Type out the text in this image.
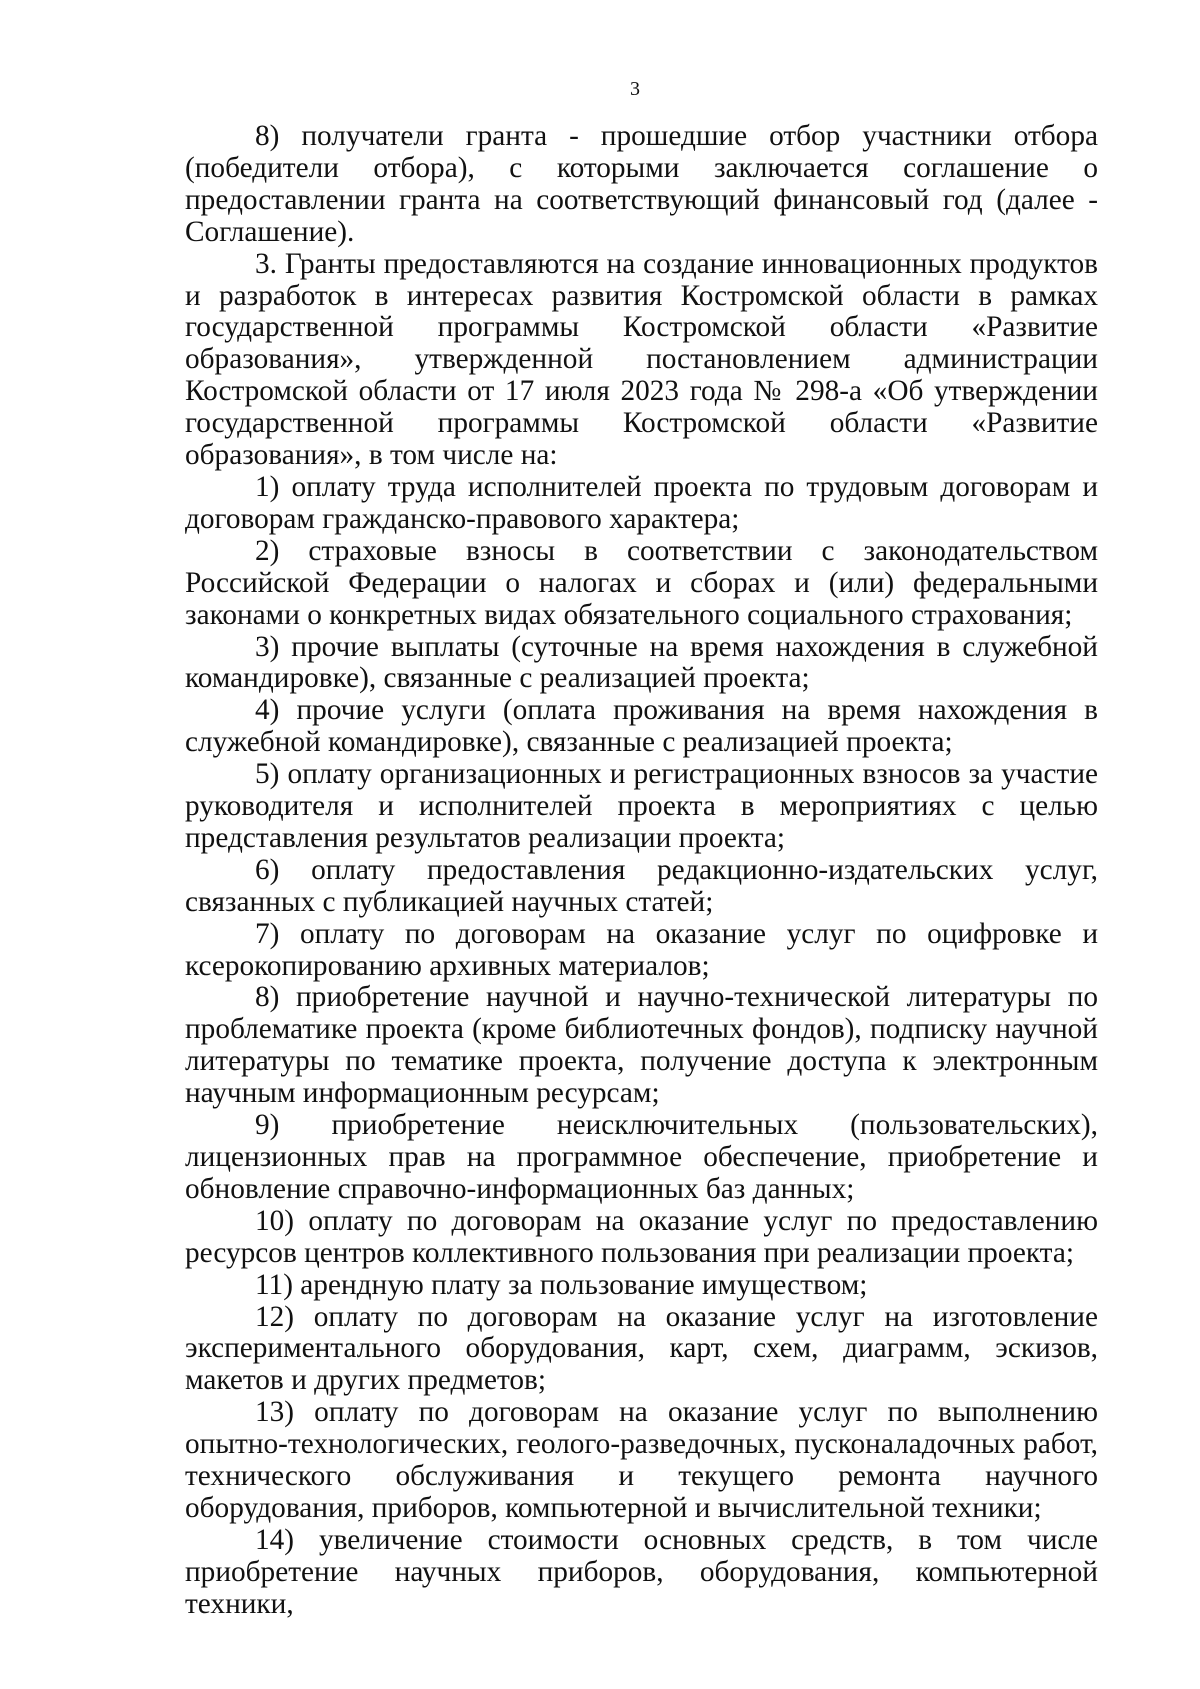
3

8) получатели гранта - прошедшие отбор участники отбора (победители отбора), с которыми заключается соглашение о предоставлении гранта на соответствующий финансовый год (далее - Соглашение).

3. Гранты предоставляются на создание инновационных продуктов и разработок в интересах развития Костромской области в рамках государственной программы Костромской области «Развитие образования», утвержденной постановлением администрации Костромской области от 17 июля 2023 года № 298-а «Об утверждении государственной программы Костромской области «Развитие образования», в том числе на:

1) оплату труда исполнителей проекта по трудовым договорам и договорам гражданско-правового характера;

2) страховые взносы в соответствии с законодательством Российской Федерации о налогах и сборах и (или) федеральными законами о конкретных видах обязательного социального страхования;

3) прочие выплаты (суточные на время нахождения в служебной командировке), связанные с реализацией проекта;

4) прочие услуги (оплата проживания на время нахождения в служебной командировке), связанные с реализацией проекта;

5) оплату организационных и регистрационных взносов за участие руководителя и исполнителей проекта в мероприятиях с целью представления результатов реализации проекта;

6) оплату предоставления редакционно-издательских услуг, связанных с публикацией научных статей;

7) оплату по договорам на оказание услуг по оцифровке и ксерокопированию архивных материалов;

8) приобретение научной и научно-технической литературы по проблематике проекта (кроме библиотечных фондов), подписку научной литературы по тематике проекта, получение доступа к электронным научным информационным ресурсам;

9) приобретение неисключительных (пользовательских), лицензионных прав на программное обеспечение, приобретение и обновление справочно-информационных баз данных;

10) оплату по договорам на оказание услуг по предоставлению ресурсов центров коллективного пользования при реализации проекта;

11) арендную плату за пользование имуществом;

12) оплату по договорам на оказание услуг на изготовление экспериментального оборудования, карт, схем, диаграмм, эскизов, макетов и других предметов;

13) оплату по договорам на оказание услуг по выполнению опытно-технологических, геолого-разведочных, пусконаладочных работ, технического обслуживания и текущего ремонта научного оборудования, приборов, компьютерной и вычислительной техники;

14) увеличение стоимости основных средств, в том числе приобретение научных приборов, оборудования, компьютерной техники,
